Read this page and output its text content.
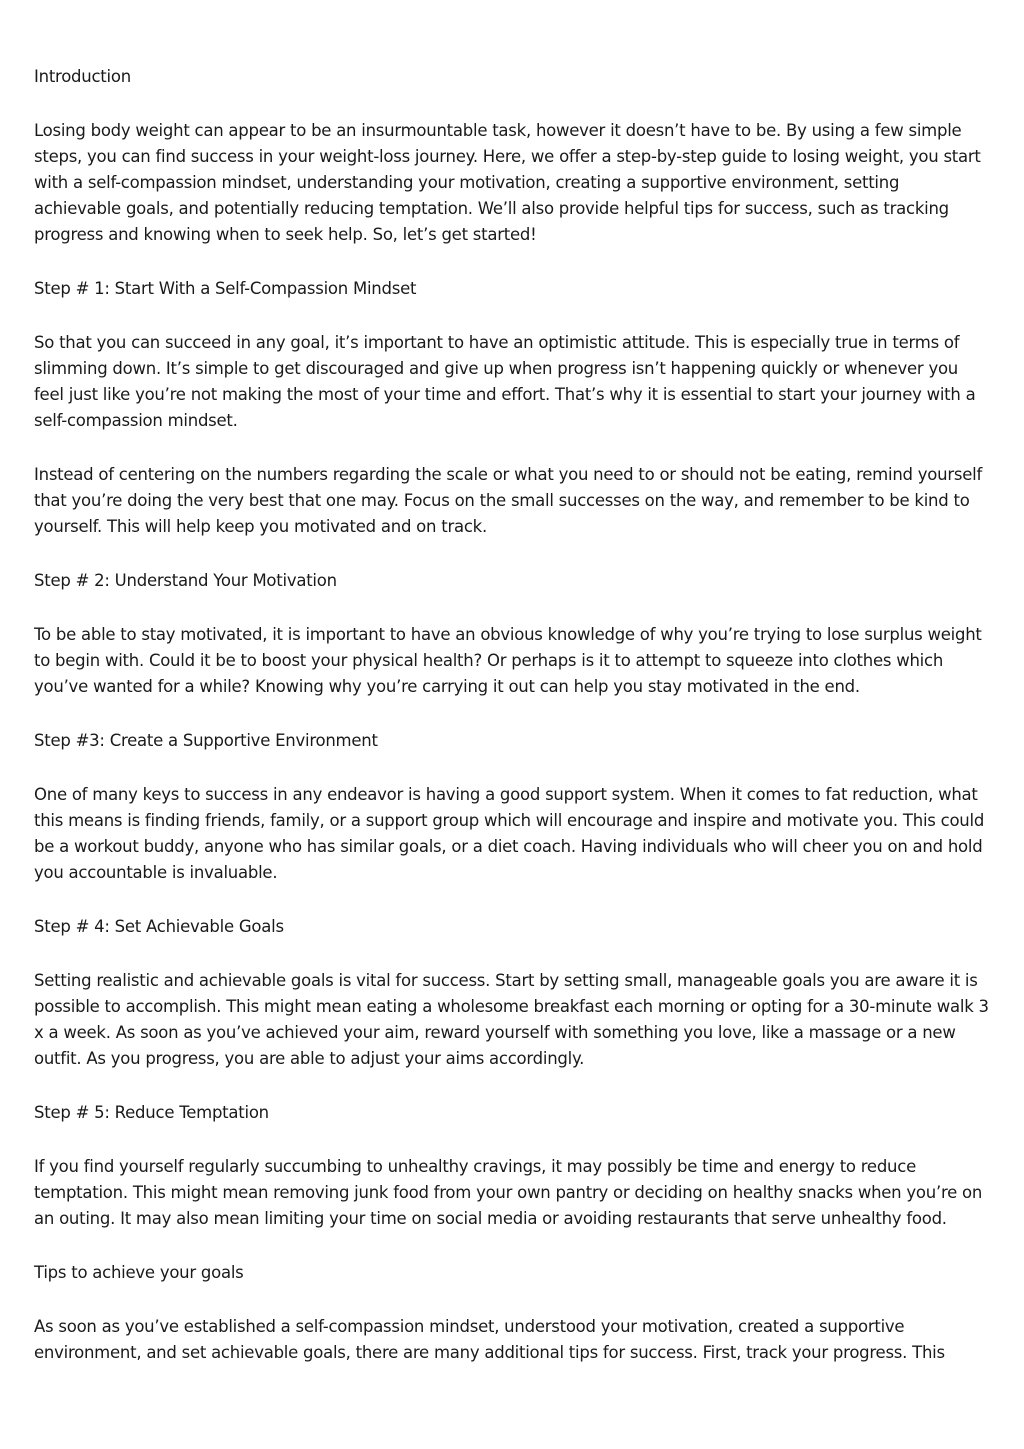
Introduction
Losing body weight can appear to be an insurmountable task, however it doesn’t have to be. By using a few simple steps, you can find success in your weight-loss journey. Here, we offer a step-by-step guide to losing weight, you start with a self-compassion mindset, understanding your motivation, creating a supportive environment, setting achievable goals, and potentially reducing temptation. We’ll also provide helpful tips for success, such as tracking progress and knowing when to seek help. So, let’s get started!
Step # 1: Start With a Self-Compassion Mindset
So that you can succeed in any goal, it’s important to have an optimistic attitude. This is especially true in terms of slimming down. It’s simple to get discouraged and give up when progress isn’t happening quickly or whenever you feel just like you’re not making the most of your time and effort. That’s why it is essential to start your journey with a self-compassion mindset.
Instead of centering on the numbers regarding the scale or what you need to or should not be eating, remind yourself that you’re doing the very best that one may. Focus on the small successes on the way, and remember to be kind to yourself. This will help keep you motivated and on track.
Step # 2: Understand Your Motivation
To be able to stay motivated, it is important to have an obvious knowledge of why you’re trying to lose surplus weight to begin with. Could it be to boost your physical health? Or perhaps is it to attempt to squeeze into clothes which you’ve wanted for a while? Knowing why you’re carrying it out can help you stay motivated in the end.
Step #3: Create a Supportive Environment
One of many keys to success in any endeavor is having a good support system. When it comes to fat reduction, what this means is finding friends, family, or a support group which will encourage and inspire and motivate you. This could be a workout buddy, anyone who has similar goals, or a diet coach. Having individuals who will cheer you on and hold you accountable is invaluable.
Step # 4: Set Achievable Goals
Setting realistic and achievable goals is vital for success. Start by setting small, manageable goals you are aware it is possible to accomplish. This might mean eating a wholesome breakfast each morning or opting for a 30-minute walk 3 x a week. As soon as you’ve achieved your aim, reward yourself with something you love, like a massage or a new outfit. As you progress, you are able to adjust your aims accordingly.
Step # 5: Reduce Temptation
If you find yourself regularly succumbing to unhealthy cravings, it may possibly be time and energy to reduce temptation. This might mean removing junk food from your own pantry or deciding on healthy snacks when you’re on an outing. It may also mean limiting your time on social media or avoiding restaurants that serve unhealthy food.
Tips to achieve your goals
As soon as you’ve established a self-compassion mindset, understood your motivation, created a supportive environment, and set achievable goals, there are many additional tips for success. First, track your progress. This
